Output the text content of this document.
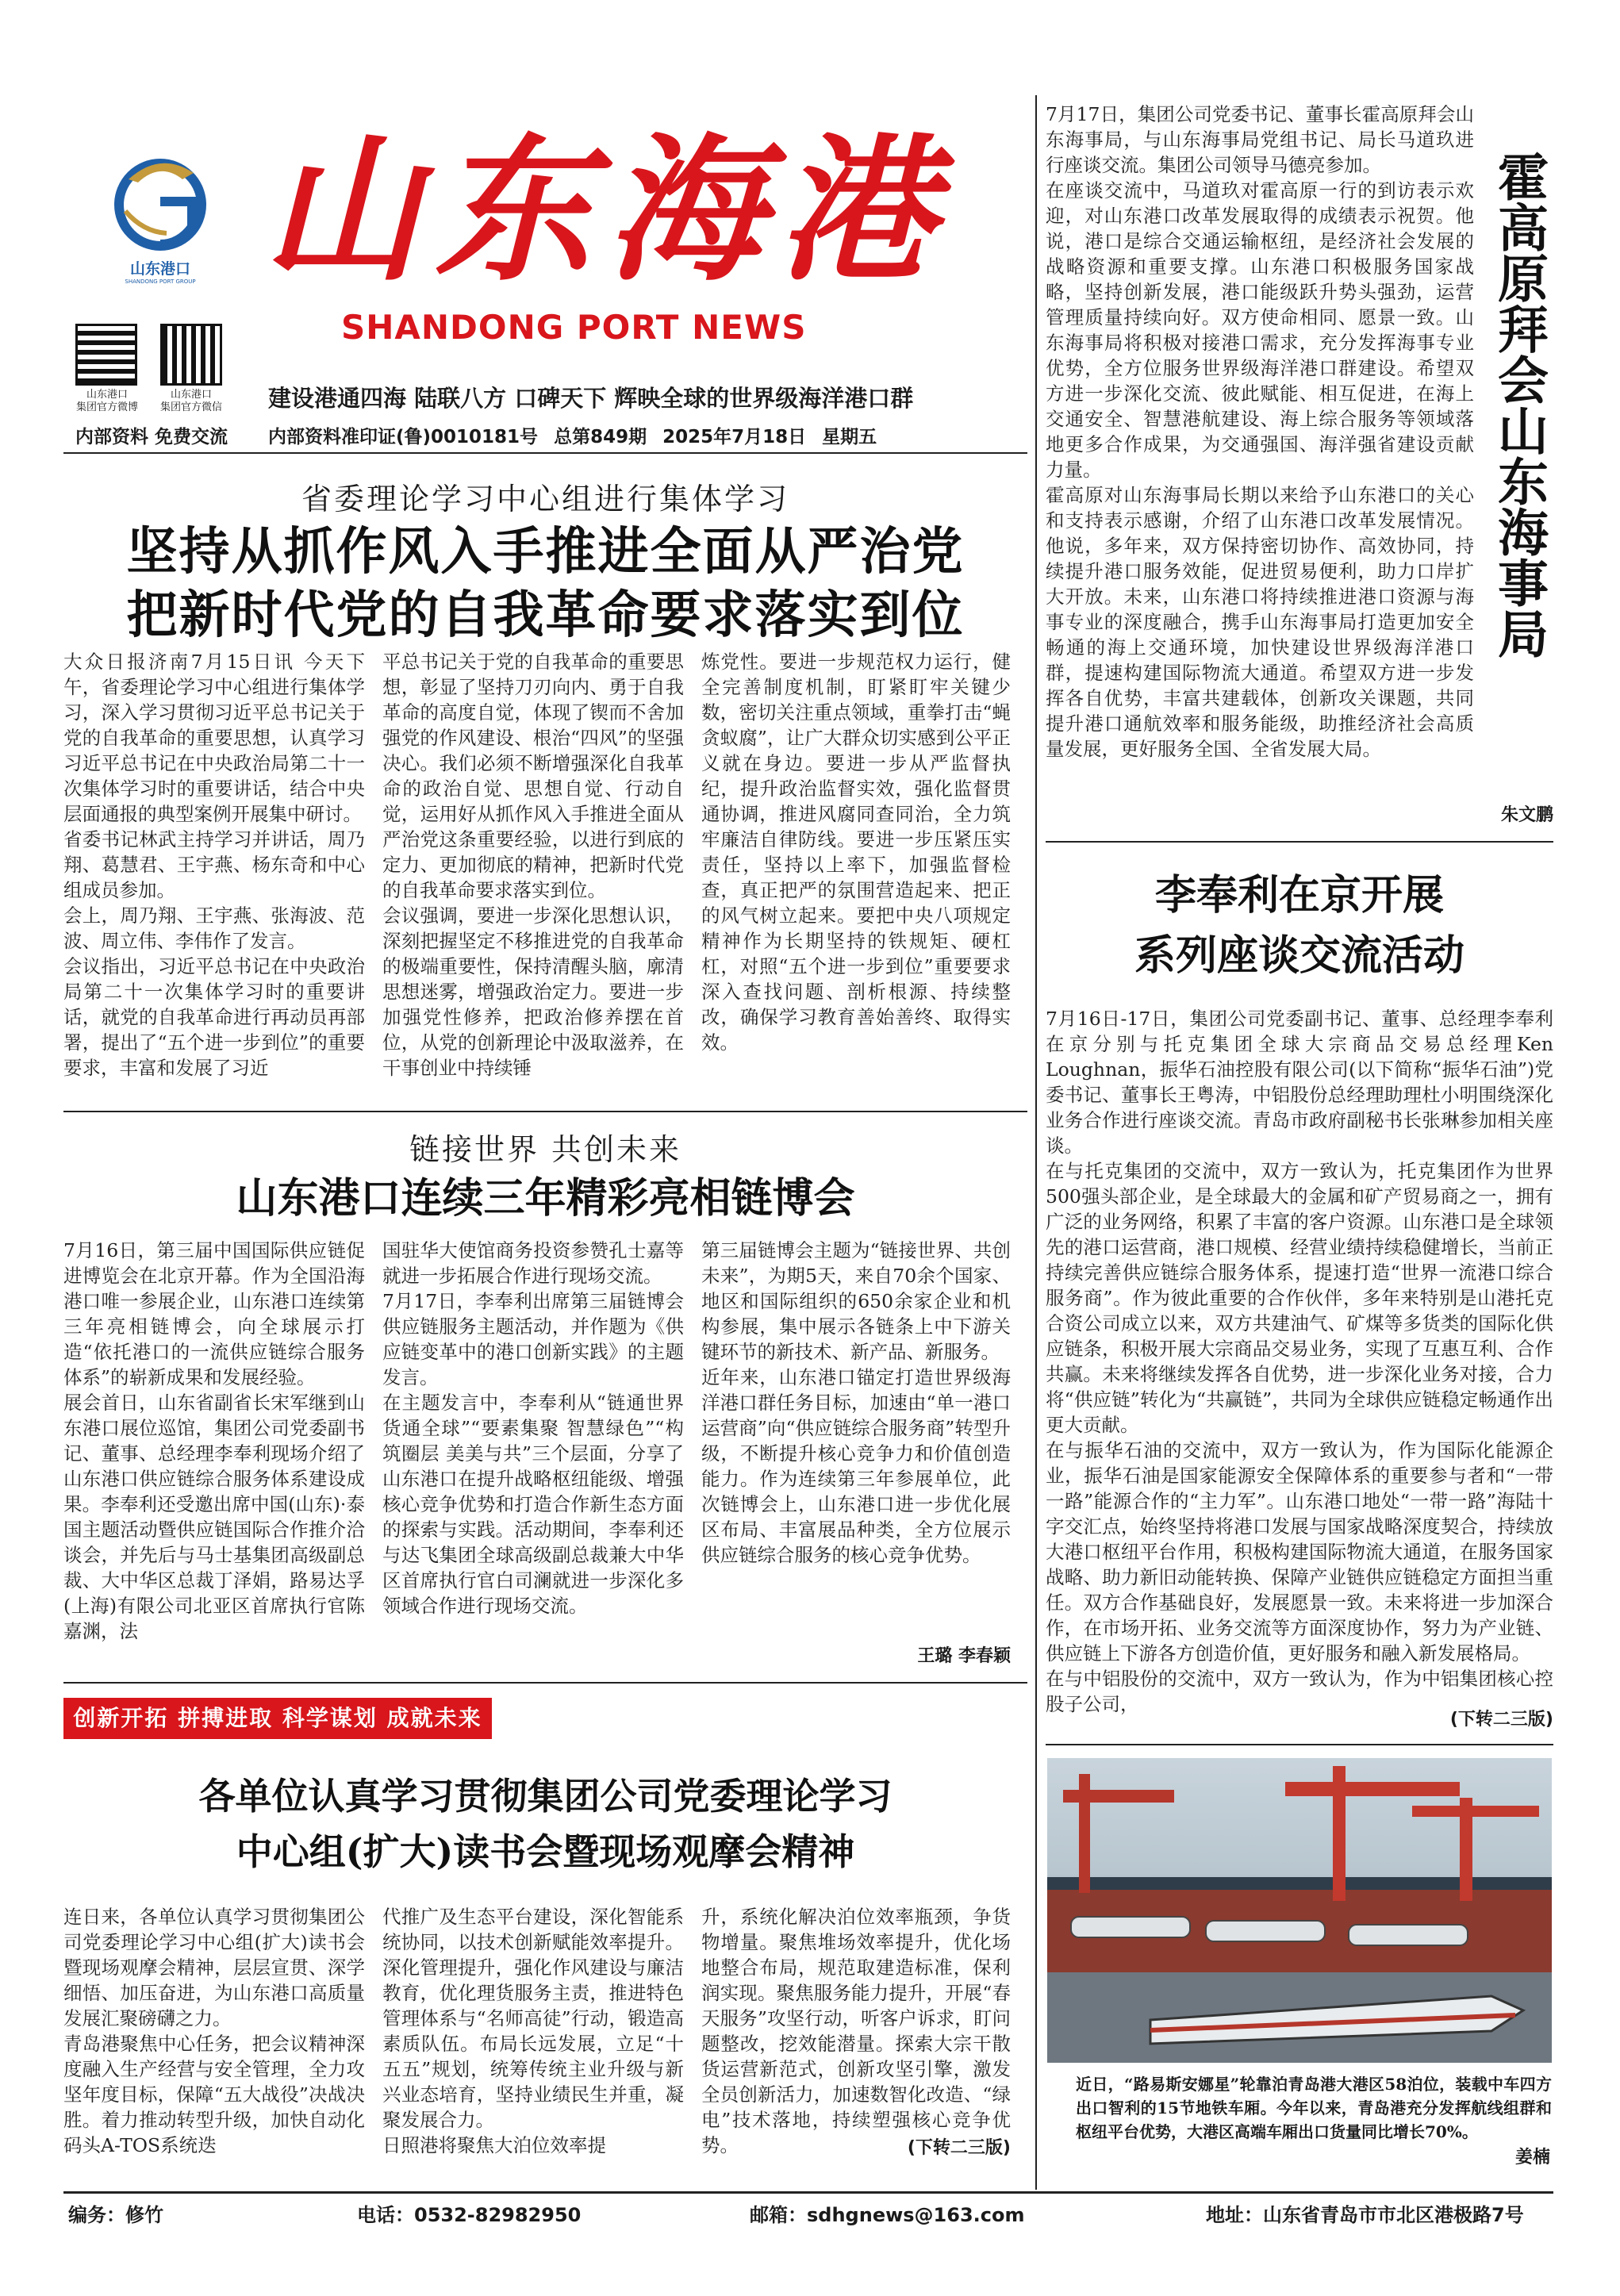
山东港口
SHANDONG PORT GROUP 山东海港
SHANDONG PORT NEWS
山东港口
集团官方微博
山东港口
集团官方微信 建设港通四海 陆联八方 口碑天下 辉映全球的世界级海洋港口群
内部资料 免费交流 内部资料准印证(鲁)0010181号 总第849期 2025年7月18日 星期五
省委理论学习中心组进行集体学习
坚持从抓作风入手推进全面从严治党
把新时代党的自我革命要求落实到位
大众日报济南7月15日讯 今天下午，省委理论学习中心组进行集体学习，深入学习贯彻习近平总书记关于党的自我革命的重要思想，认真学习习近平总书记在中央政治局第二十一次集体学习时的重要讲话，结合中央层面通报的典型案例开展集中研讨。
省委书记林武主持学习并讲话，周乃翔、葛慧君、王宇燕、杨东奇和中心组成员参加。
会上，周乃翔、王宇燕、张海波、范波、周立伟、李伟作了发言。
会议指出，习近平总书记在中央政治局第二十一次集体学习时的重要讲话，就党的自我革命进行再动员再部署，提出了“五个进一步到位”的重要要求，丰富和发展了习近
平总书记关于党的自我革命的重要思想，彰显了坚持刀刃向内、勇于自我革命的高度自觉，体现了锲而不舍加强党的作风建设、根治“四风”的坚强决心。我们必须不断增强深化自我革命的政治自觉、思想自觉、行动自觉，运用好从抓作风入手推进全面从严治党这条重要经验，以进行到底的定力、更加彻底的精神，把新时代党的自我革命要求落实到位。
会议强调，要进一步深化思想认识，深刻把握坚定不移推进党的自我革命的极端重要性，保持清醒头脑，廓清思想迷雾，增强政治定力。要进一步加强党性修养，把政治修养摆在首位，从党的创新理论中汲取滋养，在干事创业中持续锤
炼党性。要进一步规范权力运行，健全完善制度机制，盯紧盯牢关键少数，密切关注重点领域，重拳打击“蝇贪蚁腐”，让广大群众切实感到公平正义就在身边。要进一步从严监督执纪，提升政治监督实效，强化监督贯通协调，推进风腐同查同治，全力筑牢廉洁自律防线。要进一步压紧压实责任，坚持以上率下，加强监督检查，真正把严的氛围营造起来、把正的风气树立起来。要把中央八项规定精神作为长期坚持的铁规矩、硬杠杠，对照“五个进一步到位”重要要求深入查找问题、剖析根源、持续整改，确保学习教育善始善终、取得实效。
链接世界 共创未来
山东港口连续三年精彩亮相链博会
7月16日，第三届中国国际供应链促进博览会在北京开幕。作为全国沿海港口唯一参展企业，山东港口连续第三年亮相链博会，向全球展示打造“依托港口的一流供应链综合服务体系”的崭新成果和发展经验。
展会首日，山东省副省长宋军继到山东港口展位巡馆，集团公司党委副书记、董事、总经理李奉利现场介绍了山东港口供应链综合服务体系建设成果。李奉利还受邀出席中国(山东)·泰国主题活动暨供应链国际合作推介洽谈会，并先后与马士基集团高级副总裁、大中华区总裁丁泽娟，路易达孚(上海)有限公司北亚区首席执行官陈嘉渊，法
国驻华大使馆商务投资参赞孔士嘉等就进一步拓展合作进行现场交流。
7月17日，李奉利出席第三届链博会供应链服务主题活动，并作题为《供应链变革中的港口创新实践》的主题发言。
在主题发言中，李奉利从“链通世界 货通全球”“要素集聚 智慧绿色”“构筑圈层 美美与共”三个层面，分享了山东港口在提升战略枢纽能级、增强核心竞争优势和打造合作新生态方面的探索与实践。活动期间，李奉利还与达飞集团全球高级副总裁兼大中华区首席执行官白司澜就进一步深化多领域合作进行现场交流。
第三届链博会主题为“链接世界、共创未来”，为期5天，来自70余个国家、地区和国际组织的650余家企业和机构参展，集中展示各链条上中下游关键环节的新技术、新产品、新服务。
近年来，山东港口锚定打造世界级海洋港口群任务目标，加速由“单一港口运营商”向“供应链综合服务商”转型升级，不断提升核心竞争力和价值创造能力。作为连续第三年参展单位，此次链博会上，山东港口进一步优化展区布局、丰富展品种类，全方位展示供应链综合服务的核心竞争优势。
王璐 李春颖
创新开拓 拼搏进取 科学谋划 成就未来
各单位认真学习贯彻集团公司党委理论学习
中心组(扩大)读书会暨现场观摩会精神
连日来，各单位认真学习贯彻集团公司党委理论学习中心组(扩大)读书会暨现场观摩会精神，层层宣贯、深学细悟、加压奋进，为山东港口高质量发展汇聚磅礴之力。
青岛港聚焦中心任务，把会议精神深度融入生产经营与安全管理，全力攻坚年度目标，保障“五大战役”决战决胜。着力推动转型升级，加快自动化码头A-TOS系统迭
代推广及生态平台建设，深化智能系统协同，以技术创新赋能效率提升。深化管理提升，强化作风建设与廉洁教育，优化理货服务主责，推进特色管理体系与“名师高徒”行动，锻造高素质队伍。布局长远发展，立足“十五五”规划，统筹传统主业升级与新兴业态培育，坚持业绩民生并重，凝聚发展合力。
日照港将聚焦大泊位效率提
升，系统化解决泊位效率瓶颈，争货物增量。聚焦堆场效率提升，优化场地整合布局，规范取建造标准，保利润实现。聚焦服务能力提升，开展“春天服务”攻坚行动，听客户诉求，盯问题整改，挖效能潜量。探索大宗干散货运营新范式，创新攻坚引擎，激发全员创新活力，加速数智化改造、“绿电”技术落地，持续塑强核心竞争优势。	(下转二三版)
7月17日，集团公司党委书记、董事长霍高原拜会山东海事局，与山东海事局党组书记、局长马道玖进行座谈交流。集团公司领导马德亮参加。
在座谈交流中，马道玖对霍高原一行的到访表示欢迎，对山东港口改革发展取得的成绩表示祝贺。他说，港口是综合交通运输枢纽，是经济社会发展的战略资源和重要支撑。山东港口积极服务国家战略，坚持创新发展，港口能级跃升势头强劲，运营管理质量持续向好。双方使命相同、愿景一致。山东海事局将积极对接港口需求，充分发挥海事专业优势，全方位服务世界级海洋港口群建设。希望双方进一步深化交流、彼此赋能、相互促进，在海上交通安全、智慧港航建设、海上综合服务等领域落地更多合作成果，为交通强国、海洋强省建设贡献力量。
霍高原对山东海事局长期以来给予山东港口的关心和支持表示感谢，介绍了山东港口改革发展情况。他说，多年来，双方保持密切协作、高效协同，持续提升港口服务效能，促进贸易便利，助力口岸扩大开放。未来，山东港口将持续推进港口资源与海事专业的深度融合，携手山东海事局打造更加安全畅通的海上交通环境，加快建设世界级海洋港口群，提速构建国际物流大通道。希望双方进一步发挥各自优势，丰富共建载体，创新攻关课题，共同提升港口通航效率和服务能级，助推经济社会高质量发展，更好服务全国、全省发展大局。
霍高原拜会山东海事局
朱文鹏
李奉利在京开展
系列座谈交流活动
7月16日-17日，集团公司党委副书记、董事、总经理李奉利在京分别与托克集团全球大宗商品交易总经理Ken Loughnan，振华石油控股有限公司(以下简称“振华石油”)党委书记、董事长王粤涛，中铝股份总经理助理杜小明围绕深化业务合作进行座谈交流。青岛市政府副秘书长张琳参加相关座谈。
在与托克集团的交流中，双方一致认为，托克集团作为世界500强头部企业，是全球最大的金属和矿产贸易商之一，拥有广泛的业务网络，积累了丰富的客户资源。山东港口是全球领先的港口运营商，港口规模、经营业绩持续稳健增长，当前正持续完善供应链综合服务体系，提速打造“世界一流港口综合服务商”。作为彼此重要的合作伙伴，多年来特别是山港托克合资公司成立以来，双方共建油气、矿煤等多货类的国际化供应链条，积极开展大宗商品交易业务，实现了互惠互利、合作共赢。未来将继续发挥各自优势，进一步深化业务对接，合力将“供应链”转化为“共赢链”，共同为全球供应链稳定畅通作出更大贡献。
在与振华石油的交流中，双方一致认为，作为国际化能源企业，振华石油是国家能源安全保障体系的重要参与者和“一带一路”能源合作的“主力军”。山东港口地处“一带一路”海陆十字交汇点，始终坚持将港口发展与国家战略深度契合，持续放大港口枢纽平台作用，积极构建国际物流大通道，在服务国家战略、助力新旧动能转换、保障产业链供应链稳定方面担当重任。双方合作基础良好，发展愿景一致。未来将进一步加深合作，在市场开拓、业务交流等方面深度协作，努力为产业链、供应链上下游各方创造价值，更好服务和融入新发展格局。
在与中铝股份的交流中，双方一致认为，作为中铝集团核心控股子公司，
(下转二三版)
近日，“路易斯安娜星”轮靠泊青岛港大港区58泊位，装载中车四方出口智利的15节地铁车厢。今年以来，青岛港充分发挥航线组群和枢纽平台优势，大港区高端车厢出口货量同比增长70%。
姜楠
编务：修竹	电话：0532-82982950	邮箱：sdhgnews@163.com	地址：山东省青岛市市北区港极路7号
